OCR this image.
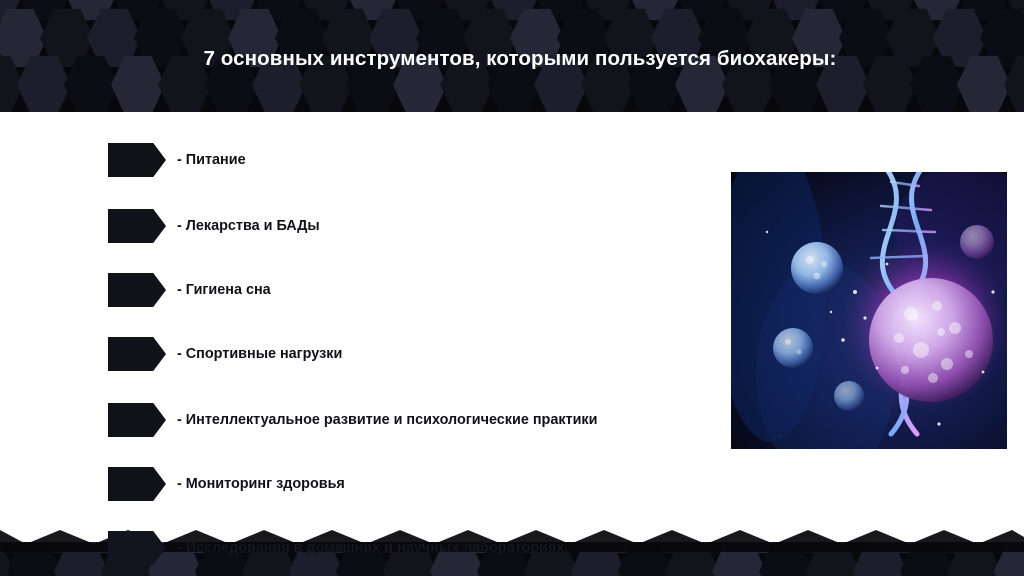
7 основных инструментов, которыми пользуется биохакеры:
- Питание
- Лекарства и БАДы
- Гигиена сна
- Спортивные нагрузки
- Интеллектуальное развитие и психологические практики
- Мониторинг здоровья
- Исследования в домашних и научных лабораториях.
